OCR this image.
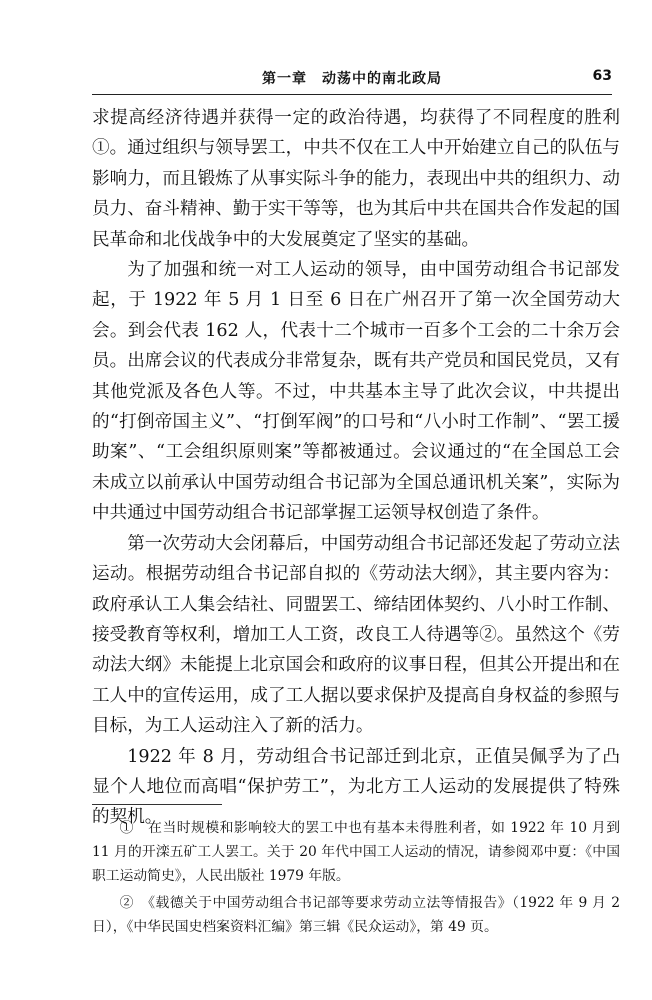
第一章　动荡中的南北政局	63

求提高经济待遇并获得一定的政治待遇，均获得了不同程度的胜利①。通过组织与领导罢工，中共不仅在工人中开始建立自己的队伍与影响力，而且锻炼了从事实际斗争的能力，表现出中共的组织力、动员力、奋斗精神、勤于实干等等，也为其后中共在国共合作发起的国民革命和北伐战争中的大发展奠定了坚实的基础。

为了加强和统一对工人运动的领导，由中国劳动组合书记部发起，于 1922 年 5 月 1 日至 6 日在广州召开了第一次全国劳动大会。到会代表 162 人，代表十二个城市一百多个工会的二十余万会员。出席会议的代表成分非常复杂，既有共产党员和国民党员，又有其他党派及各色人等。不过，中共基本主导了此次会议，中共提出的“打倒帝国主义”、“打倒军阀”的口号和“八小时工作制”、“罢工援助案”、“工会组织原则案”等都被通过。会议通过的“在全国总工会未成立以前承认中国劳动组合书记部为全国总通讯机关案”，实际为中共通过中国劳动组合书记部掌握工运领导权创造了条件。

第一次劳动大会闭幕后，中国劳动组合书记部还发起了劳动立法运动。根据劳动组合书记部自拟的《劳动法大纲》，其主要内容为：政府承认工人集会结社、同盟罢工、缔结团体契约、八小时工作制、接受教育等权利，增加工人工资，改良工人待遇等②。虽然这个《劳动法大纲》未能提上北京国会和政府的议事日程，但其公开提出和在工人中的宣传运用，成了工人据以要求保护及提高自身权益的参照与目标，为工人运动注入了新的活力。

1922 年 8 月，劳动组合书记部迁到北京，正值吴佩孚为了凸显个人地位而高唱“保护劳工”，为北方工人运动的发展提供了特殊的契机。

①　在当时规模和影响较大的罢工中也有基本未得胜利者，如 1922 年 10 月到 11 月的开滦五矿工人罢工。关于 20 年代中国工人运动的情况，请参阅邓中夏：《中国职工运动简史》，人民出版社 1979 年版。

②　《载德关于中国劳动组合书记部等要求劳动立法等情报告》（1922 年 9 月 2 日），《中华民国史档案资料汇编》第三辑《民众运动》，第 49 页。
